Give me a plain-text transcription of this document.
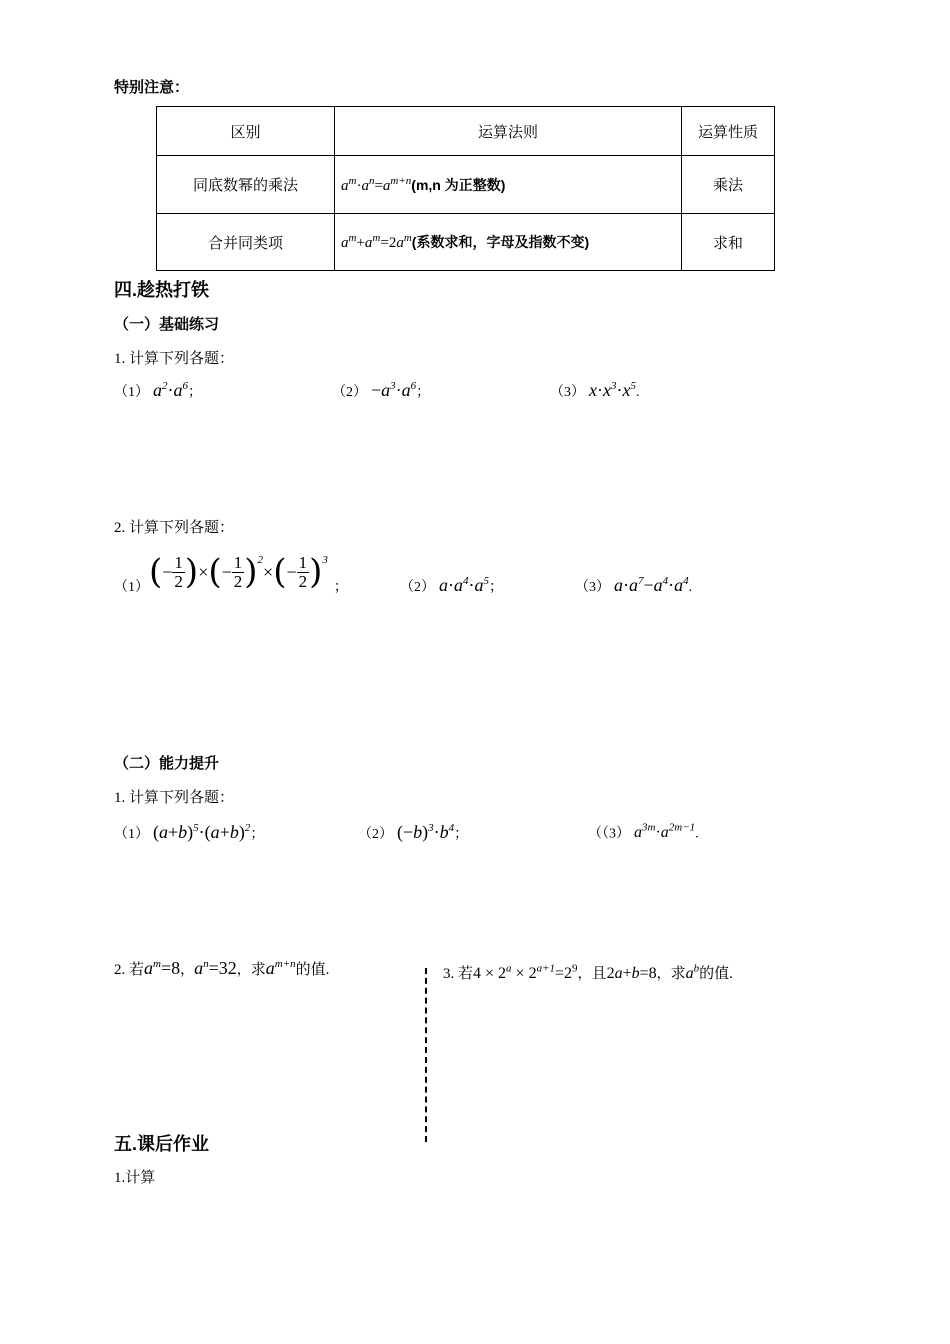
特别注意：
区别	运算法则	运算性质
同底数幂的乘法	$a^m\cdot a^n=a^{m+n}(m,n$ 为正整数)	乘法
合并同类项	$a^m+a^m=2a^m$(系数求和，字母及指数不变)	求和
四.趁热打铁
（一）基础练习
1. 计算下列各题：
（1） $a^2\cdot a^6$；	$(2) -a^3\cdot a^6$；	（3） $x\cdot x^3\cdot x^5$.
2. 计算下列各题：
（1） ( − $\frac{1}{2}$ ) × ( − $\frac{1}{2} )^2$
× ( − $\frac{1}{2} )^3$
；	（2） $a\cdot a^4\cdot a^5$；	（3） $a\cdot a^7-a^4\cdot a^4$.
（二）能力提升
1. 计算下列各题：
（1） $(a+b)^5\cdot(a+b)^2$；	（2） $(-b)^3\cdot b^4$；	（（3） $a^{3m}\cdot a^{2m-1}$.
2. 若$a^m=8$，$a^n=32$，求$a^{m+n}$的值.	3. 若$4 \times 2^a \times 2^{a+1}=2^9$，且2a+b=8，求$a^b$的值.
五.课后作业
1.计算
